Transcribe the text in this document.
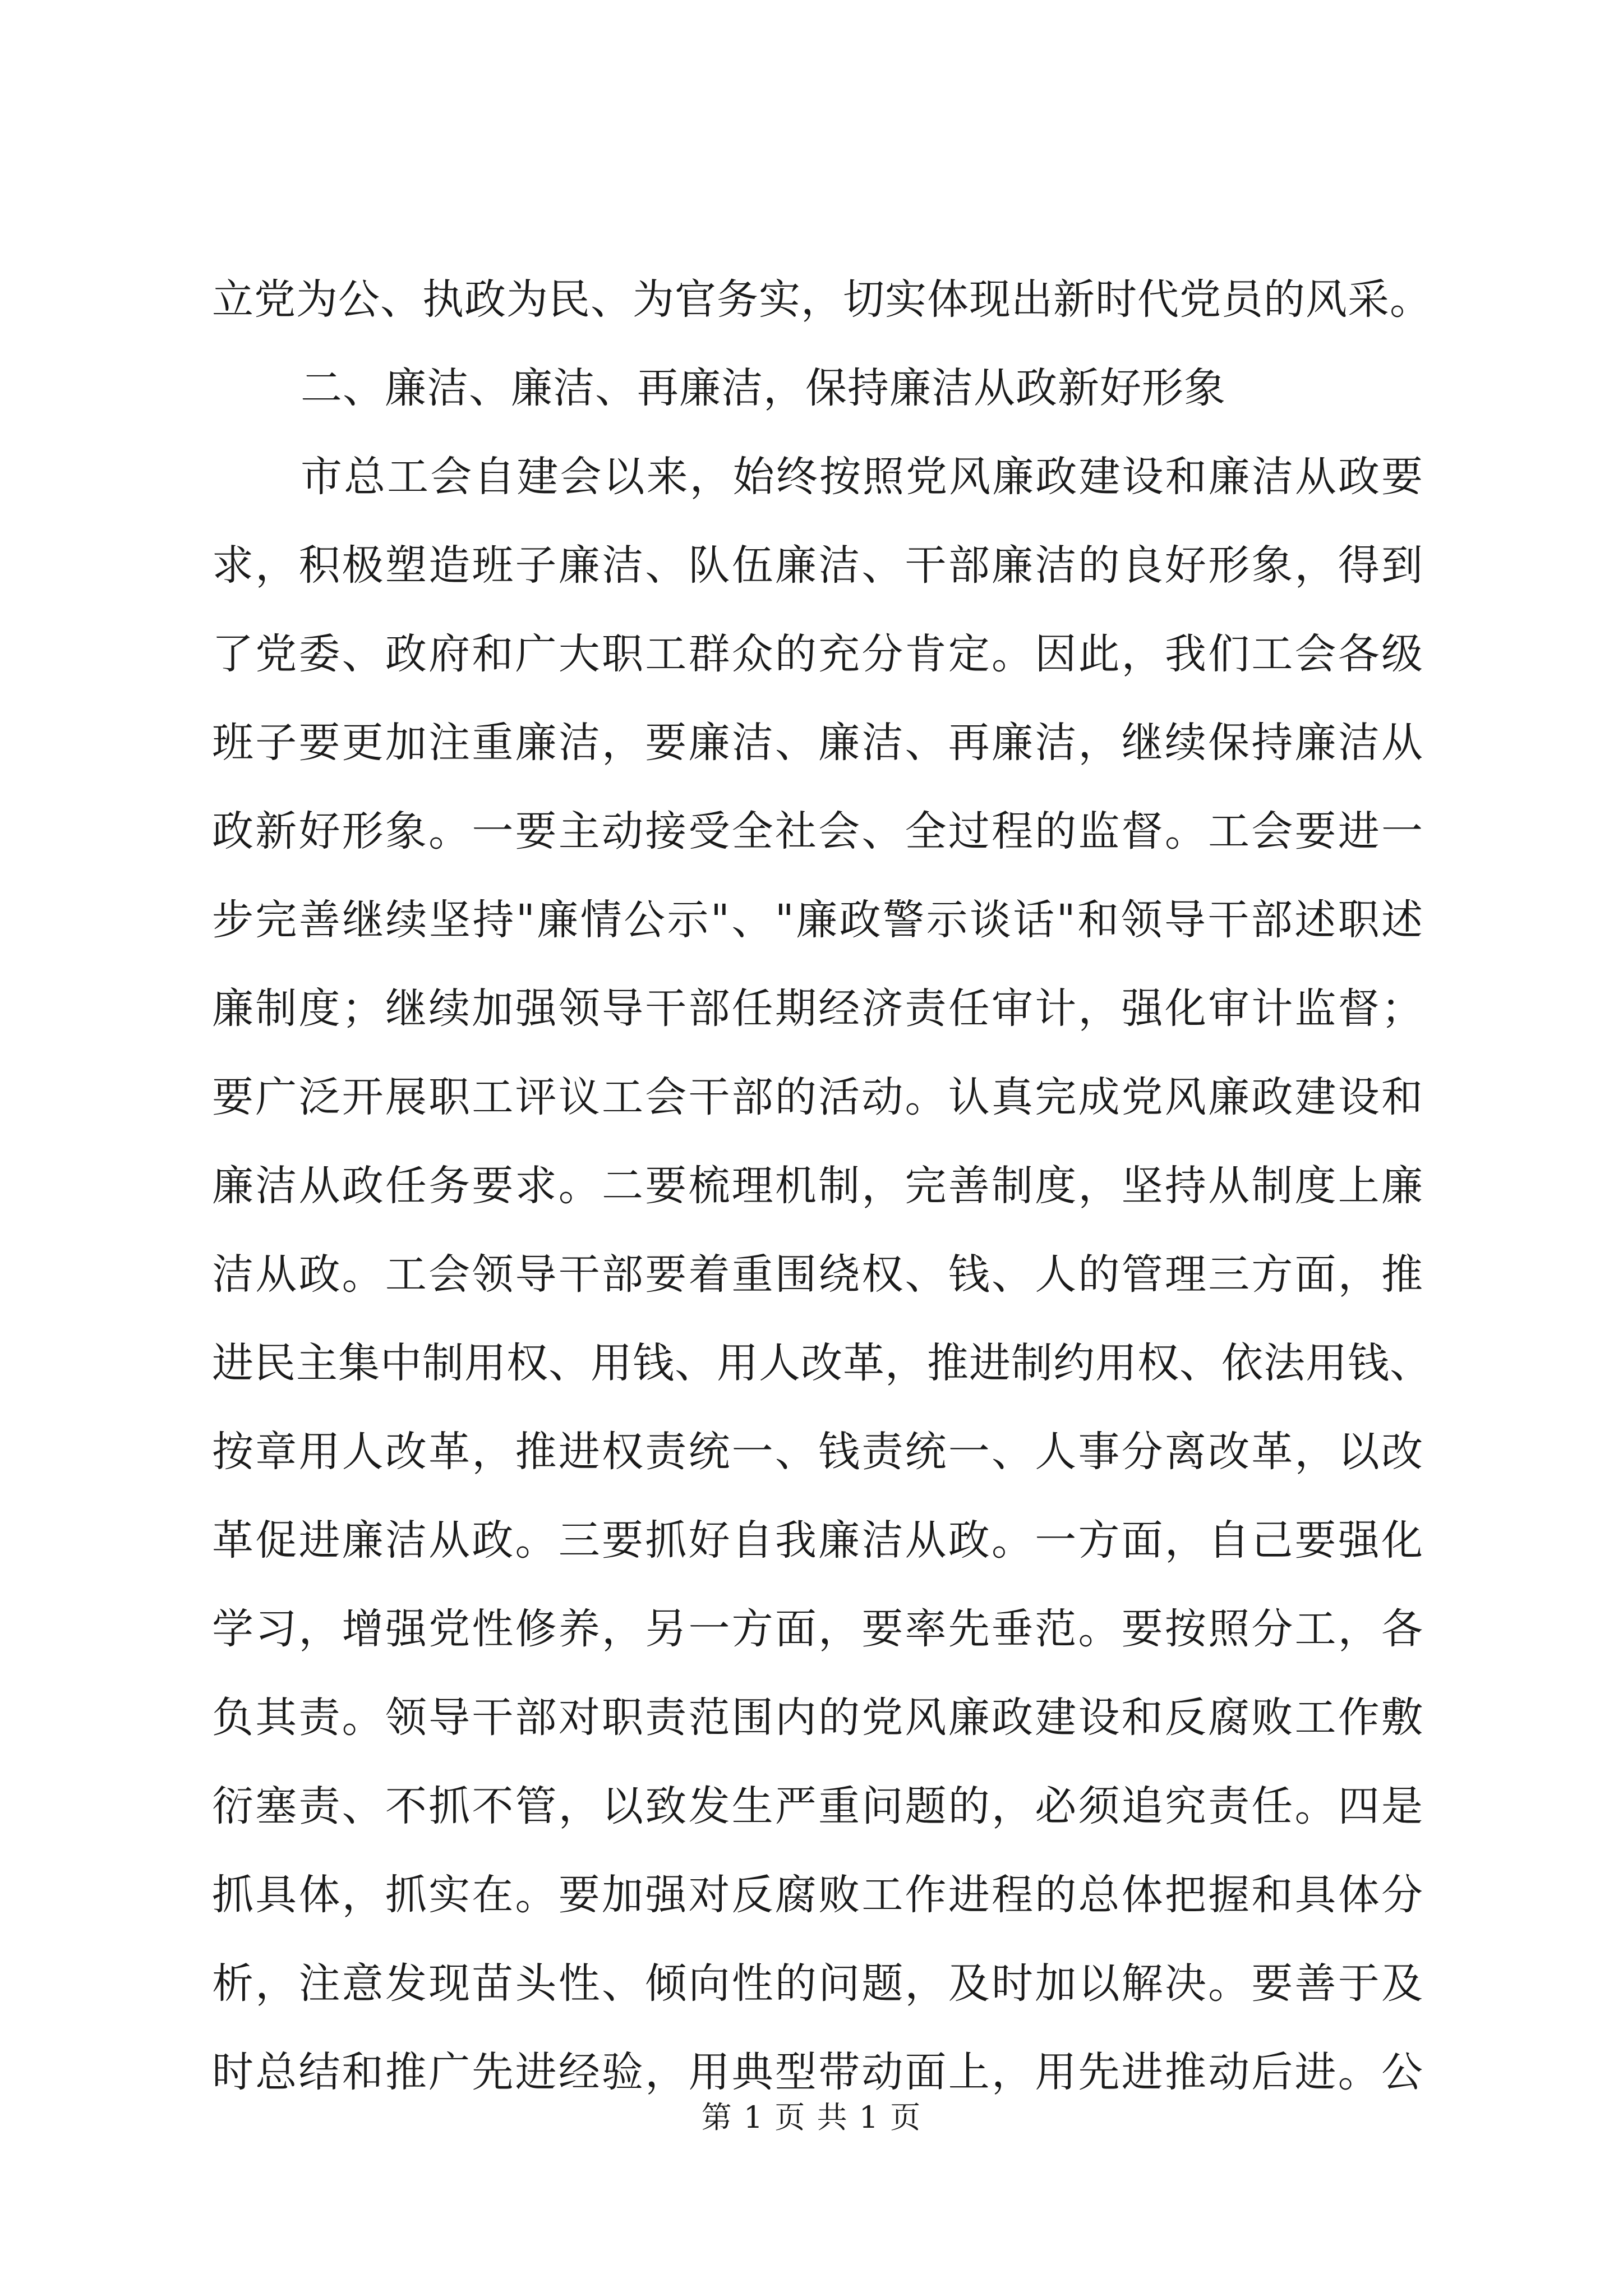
立党为公、执政为民、为官务实，切实体现出新时代党员的风采。
二、廉洁、廉洁、再廉洁，保持廉洁从政新好形象
市总工会自建会以来，始终按照党风廉政建设和廉洁从政要
求，积极塑造班子廉洁、队伍廉洁、干部廉洁的良好形象，得到
了党委、政府和广大职工群众的充分肯定。因此，我们工会各级
班子要更加注重廉洁，要廉洁、廉洁、再廉洁，继续保持廉洁从
政新好形象。一要主动接受全社会、全过程的监督。工会要进一
步完善继续坚持"廉情公示"、"廉政警示谈话"和领导干部述职述
廉制度；继续加强领导干部任期经济责任审计，强化审计监督；
要广泛开展职工评议工会干部的活动。认真完成党风廉政建设和
廉洁从政任务要求。二要梳理机制，完善制度，坚持从制度上廉
洁从政。工会领导干部要着重围绕权、钱、人的管理三方面，推
进民主集中制用权、用钱、用人改革，推进制约用权、依法用钱、
按章用人改革，推进权责统一、钱责统一、人事分离改革，以改
革促进廉洁从政。三要抓好自我廉洁从政。一方面，自己要强化
学习，增强党性修养，另一方面，要率先垂范。要按照分工，各
负其责。领导干部对职责范围内的党风廉政建设和反腐败工作敷
衍塞责、不抓不管，以致发生严重问题的，必须追究责任。四是
抓具体，抓实在。要加强对反腐败工作进程的总体把握和具体分
析，注意发现苗头性、倾向性的问题，及时加以解决。要善于及
时总结和推广先进经验，用典型带动面上，用先进推动后进。公
第 1 页 共 1 页
